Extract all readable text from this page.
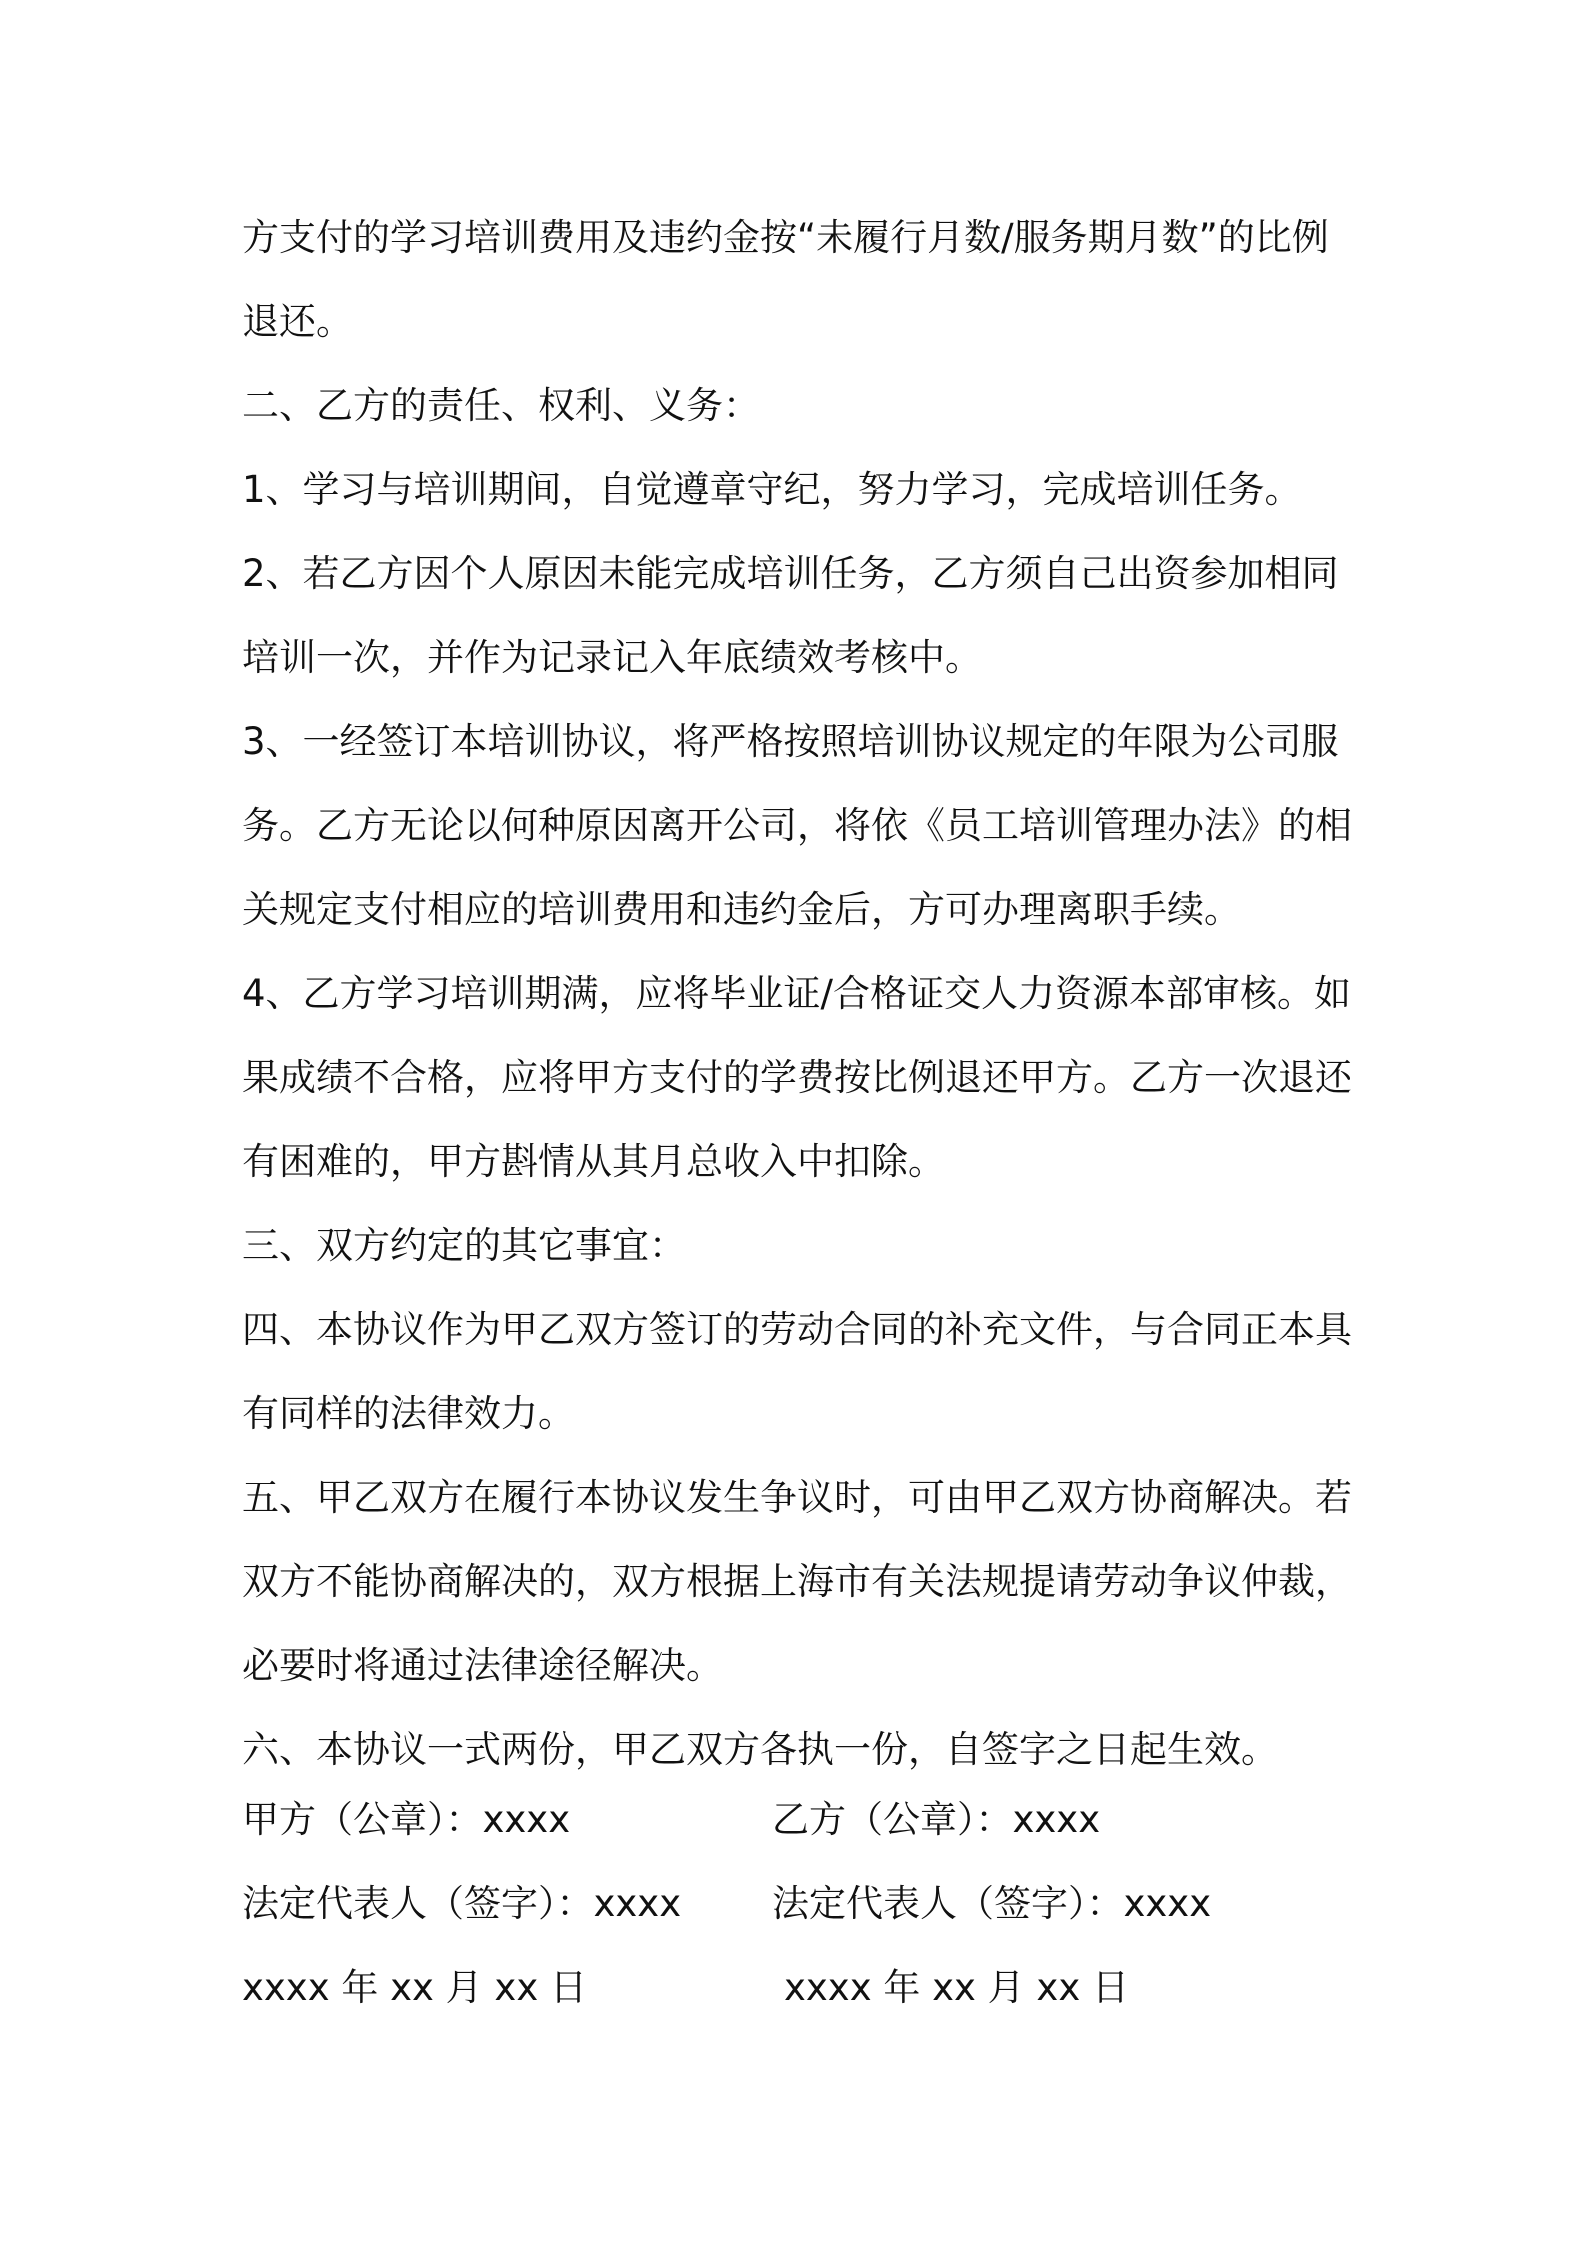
方支付的学习培训费用及违约金按“未履行月数/服务期月数”的比例退还。

二、乙方的责任、权利、义务：

1、学习与培训期间，自觉遵章守纪，努力学习，完成培训任务。

2、若乙方因个人原因未能完成培训任务，乙方须自己出资参加相同培训一次，并作为记录记入年底绩效考核中。

3、一经签订本培训协议，将严格按照培训协议规定的年限为公司服务。乙方无论以何种原因离开公司，将依《员工培训管理办法》的相关规定支付相应的培训费用和违约金后，方可办理离职手续。

4、乙方学习培训期满，应将毕业证/合格证交人力资源本部审核。如果成绩不合格，应将甲方支付的学费按比例退还甲方。乙方一次退还有困难的，甲方斟情从其月总收入中扣除。

三、双方约定的其它事宜：

四、本协议作为甲乙双方签订的劳动合同的补充文件，与合同正本具有同样的法律效力。

五、甲乙双方在履行本协议发生争议时，可由甲乙双方协商解决。若双方不能协商解决的，双方根据上海市有关法规提请劳动争议仲裁，必要时将通过法律途径解决。

六、本协议一式两份，甲乙双方各执一份，自签字之日起生效。

甲方（公章）：xxxx	乙方（公章）：xxxx
法定代表人（签字）：xxxx 法定代表人（签字）：xxxx
xxxx 年 xx 月 xx 日	xxxx 年 xx 月 xx 日
